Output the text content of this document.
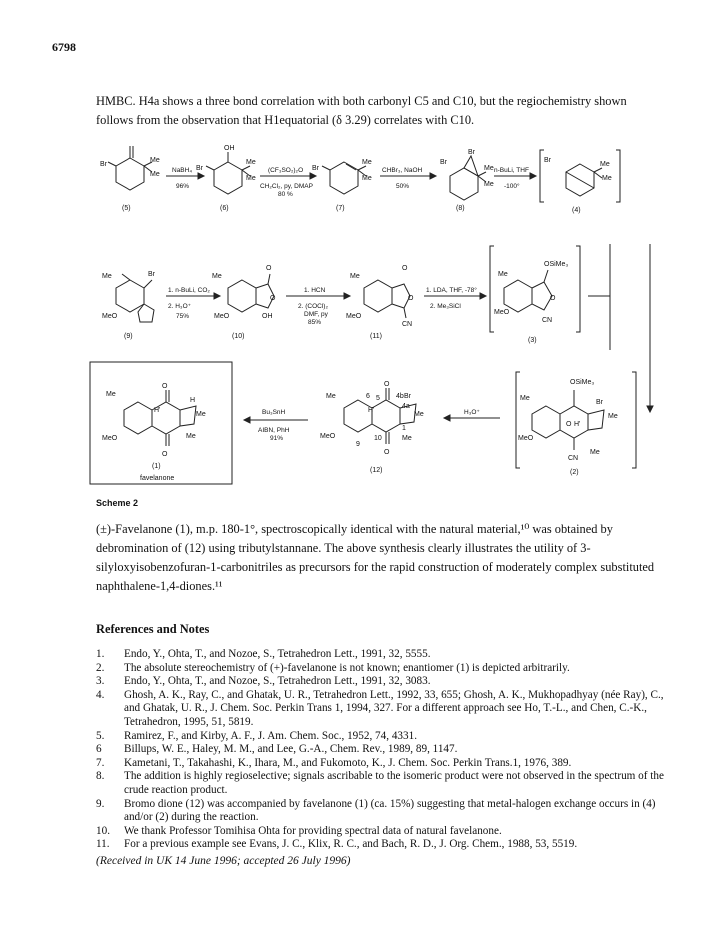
6798
HMBC. H4a shows a three bond correlation with both carbonyl C5 and C10, but the regiochemistry shown follows from the observation that H1equatorial (δ 3.29) correlates with C10.
Br
Me
Me
Br
OH
Me
Me
Br
Me
Me
Br
Br
Me
Me
Br
Me
Me
Me	Br
MeO
Me
MeO
O
O
OH
Me
MeO
O
O
CN
Me
MeO
OSiMe₃
O
CN
Me
MeO
O
O
H
H'
Me
Me
Me
MeO
O
O
H'
Br
Me
Me
6 5 4b
4a
10
9
1
Me
MeO
OSiMe₃
Br
O H'
Me
CN
Me
NaBH₄
96%
(CF₃SO₂)₂O
CH₂Cl₂, py, DMAP
80 %
CHBr₃, NaOH
50%
n-BuLi, THF
-100°
1. n-BuLi, CO₂
2. H₃O⁺
75%
1. HCN
2. (COCl)₂
DMF, py
85%
1. LDA, THF, -78°
2. Me₃SiCl
H₃O⁺
Bu₃SnH
AIBN, PhH
91%
(5)	(6)	(7)	(8)	(4)
(9)	(10)	(11)
(3)
(1)
favelanone
(12)	(2)
Scheme 2
(±)-Favelanone (1), m.p. 180-1°, spectroscopically identical with the natural material,¹⁰ was obtained by debromination of (12) using tributylstannane. The above synthesis clearly illustrates the utility of 3-silyloxyisobenzofuran-1-carbonitriles as precursors for the rapid construction of moderately complex substituted naphthalene-1,4-diones.¹¹
References and Notes
1.	Endo, Y., Ohta, T., and Nozoe, S., Tetrahedron Lett., 1991, 32, 5555.
2.	The absolute stereochemistry of (+)-favelanone is not known; enantiomer (1) is depicted arbitrarily.
3.	Endo, Y., Ohta, T., and Nozoe, S., Tetrahedron Lett., 1991, 32, 3083.
4.	Ghosh, A. K., Ray, C., and Ghatak, U. R., Tetrahedron Lett., 1992, 33, 655; Ghosh, A. K., Mukhopadhyay (née Ray), C., and Ghatak, U. R., J. Chem. Soc. Perkin Trans 1, 1994, 327. For a different approach see Ho, T.-L., and Chen, C.-K., Tetrahedron, 1995, 51, 5819.
5.	Ramirez, F., and Kirby, A. F., J. Am. Chem. Soc., 1952, 74, 4331.
6	Billups, W. E., Haley, M. M., and Lee, G.-A., Chem. Rev., 1989, 89, 1147.
7.	Kametani, T., Takahashi, K., Ihara, M., and Fukomoto, K., J. Chem. Soc. Perkin Trans.1, 1976, 389.
8.	The addition is highly regioselective; signals ascribable to the isomeric product were not observed in the spectrum of the crude reaction product.
9.	Bromo dione (12) was accompanied by favelanone (1) (ca. 15%) suggesting that metal-halogen exchange occurs in (4) and/or (2) during the reaction.
10.	We thank Professor Tomihisa Ohta for providing spectral data of natural favelanone.
11.	For a previous example see Evans, J. C., Klix, R. C., and Bach, R. D., J. Org. Chem., 1988, 53, 5519.
(Received in UK 14 June 1996; accepted 26 July 1996)
